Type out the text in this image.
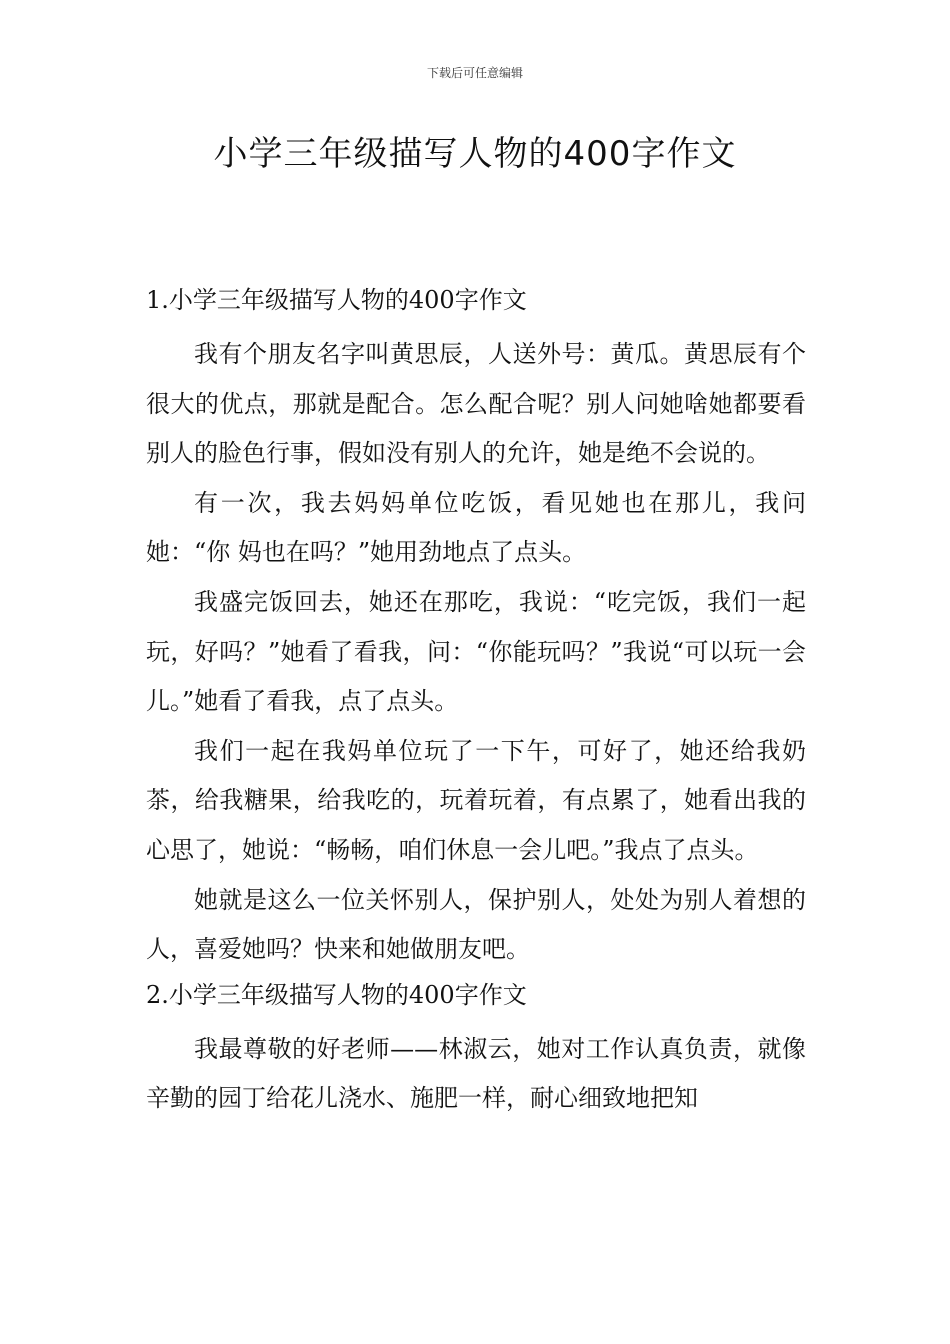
下载后可任意编辑
小学三年级描写人物的400字作文
1.小学三年级描写人物的400字作文

我有个朋友名字叫黄思辰，人送外号：黄瓜。黄思辰有个很大的优点，那就是配合。怎么配合呢？别人问她啥她都要看别人的脸色行事，假如没有别人的允许，她是绝不会说的。

有一次，我去妈妈单位吃饭，看见她也在那儿，我问她：“你 妈也在吗？”她用劲地点了点头。

我盛完饭回去，她还在那吃，我说：“吃完饭，我们一起玩，好吗？”她看了看我，问：“你能玩吗？”我说“可以玩一会儿。”她看了看我，点了点头。

我们一起在我妈单位玩了一下午，可好了，她还给我奶茶，给我糖果，给我吃的，玩着玩着，有点累了，她看出我的心思了，她说：“畅畅，咱们休息一会儿吧。”我点了点头。

她就是这么一位关怀别人，保护别人，处处为别人着想的人，喜爱她吗？快来和她做朋友吧。

2.小学三年级描写人物的400字作文

我最尊敬的好老师——林淑云，她对工作认真负责，就像辛勤的园丁给花儿浇水、施肥一样，耐心细致地把知
